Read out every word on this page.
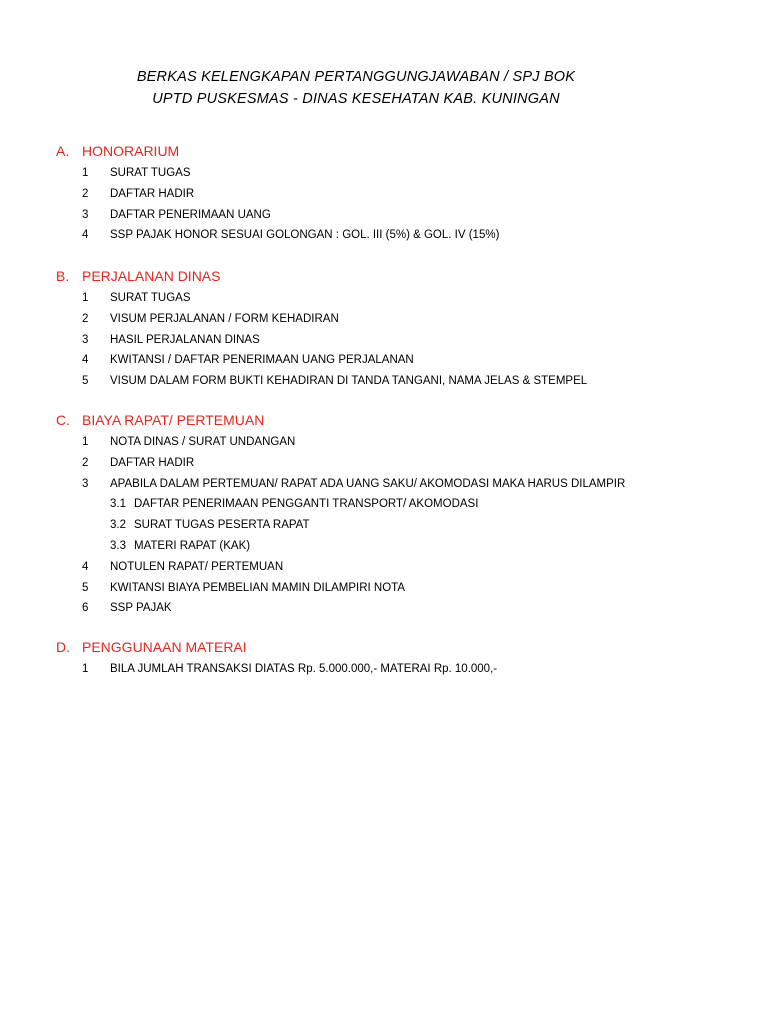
BERKAS KELENGKAPAN PERTANGGUNGJAWABAN / SPJ BOK
UPTD PUSKESMAS - DINAS KESEHATAN KAB. KUNINGAN
A. HONORARIUM
1 SURAT TUGAS
2 DAFTAR HADIR
3 DAFTAR PENERIMAAN UANG
4 SSP PAJAK HONOR SESUAI GOLONGAN : GOL. III (5%) & GOL. IV (15%)
B. PERJALANAN DINAS
1 SURAT TUGAS
2 VISUM PERJALANAN / FORM KEHADIRAN
3 HASIL PERJALANAN DINAS
4 KWITANSI / DAFTAR PENERIMAAN UANG PERJALANAN
5 VISUM DALAM FORM BUKTI KEHADIRAN DI TANDA TANGANI, NAMA JELAS & STEMPEL
C. BIAYA RAPAT/ PERTEMUAN
1 NOTA DINAS / SURAT UNDANGAN
2 DAFTAR HADIR
3 APABILA DALAM PERTEMUAN/ RAPAT ADA UANG SAKU/ AKOMODASI MAKA HARUS DILAMPIR
3.1 DAFTAR PENERIMAAN PENGGANTI TRANSPORT/ AKOMODASI
3.2 SURAT TUGAS PESERTA RAPAT
3.3 MATERI RAPAT (KAK)
4 NOTULEN RAPAT/ PERTEMUAN
5 KWITANSI BIAYA PEMBELIAN MAMIN DILAMPIRI NOTA
6 SSP PAJAK
D. PENGGUNAAN MATERAI
1 BILA JUMLAH TRANSAKSI DIATAS Rp. 5.000.000,- MATERAI Rp. 10.000,-
